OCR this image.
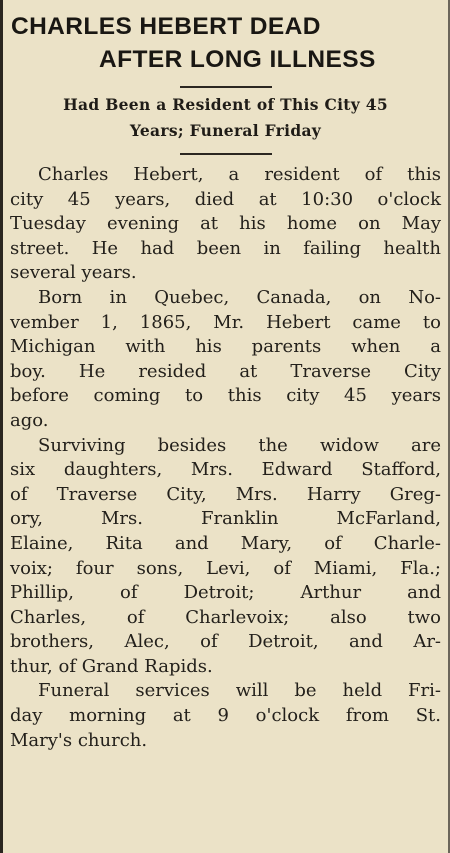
CHARLES HEBERT DEAD
AFTER LONG ILLNESS
Had Been a Resident of This City 45
Years; Funeral Friday
Charles Hebert, a resident of this
city 45 years, died at 10:30 o'clock
Tuesday evening at his home on May
street. He had been in failing health
several years.
Born in Quebec, Canada, on No-
vember 1, 1865, Mr. Hebert came to
Michigan with his parents when a
boy. He resided at Traverse City
before coming to this city 45 years
ago.
Surviving besides the widow are
six daughters, Mrs. Edward Stafford,
of Traverse City, Mrs. Harry Greg-
ory, Mrs. Franklin McFarland,
Elaine, Rita and Mary, of Charle-
voix; four sons, Levi, of Miami, Fla.;
Phillip, of Detroit; Arthur and
Charles, of Charlevoix; also two
brothers, Alec, of Detroit, and Ar-
thur, of Grand Rapids.
Funeral services will be held Fri-
day morning at 9 o'clock from St.
Mary's church.
